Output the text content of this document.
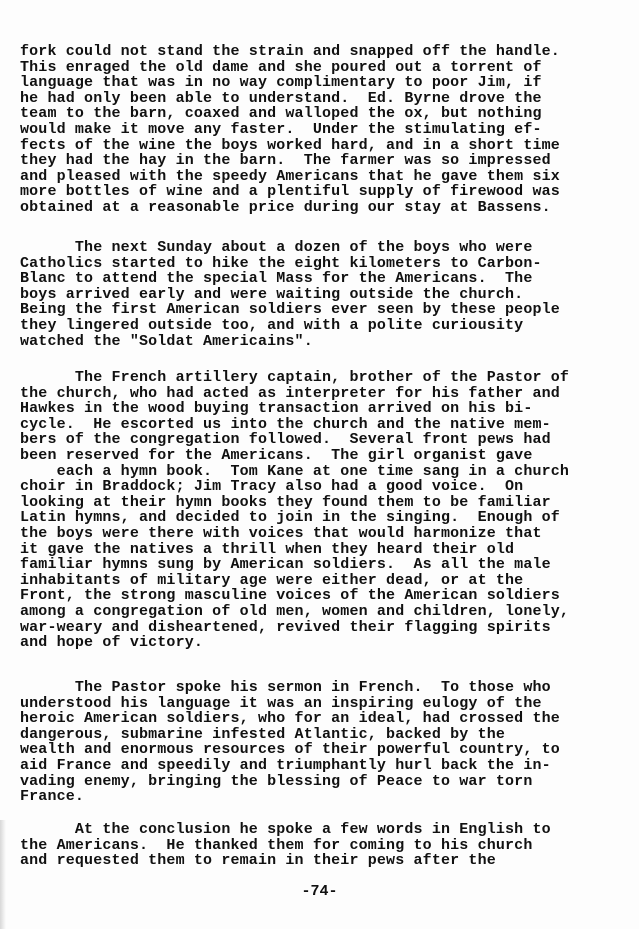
fork could not stand the strain and snapped off the handle.
This enraged the old dame and she poured out a torrent of
language that was in no way complimentary to poor Jim, if
he had only been able to understand.  Ed. Byrne drove the
team to the barn, coaxed and walloped the ox, but nothing
would make it move any faster.  Under the stimulating ef-
fects of the wine the boys worked hard, and in a short time
they had the hay in the barn.  The farmer was so impressed
and pleased with the speedy Americans that he gave them six
more bottles of wine and a plentiful supply of firewood was
obtained at a reasonable price during our stay at Bassens.
The next Sunday about a dozen of the boys who were
Catholics started to hike the eight kilometers to Carbon-
Blanc to attend the special Mass for the Americans.  The
boys arrived early and were waiting outside the church.
Being the first American soldiers ever seen by these people
they lingered outside too, and with a polite curiousity
watched the "Soldat Americains".
The French artillery captain, brother of the Pastor of
the church, who had acted as interpreter for his father and
Hawkes in the wood buying transaction arrived on his bi-
cycle.  He escorted us into the church and the native mem-
bers of the congregation followed.  Several front pews had
been reserved for the Americans.  The girl organist gave
each a hymn book.  Tom Kane at one time sang in a church
choir in Braddock; Jim Tracy also had a good voice.  On
looking at their hymn books they found them to be familiar
Latin hymns, and decided to join in the singing.  Enough of
the boys were there with voices that would harmonize that
it gave the natives a thrill when they heard their old
familiar hymns sung by American soldiers.  As all the male
inhabitants of military age were either dead, or at the
Front, the strong masculine voices of the American soldiers
among a congregation of old men, women and children, lonely,
war-weary and disheartened, revived their flagging spirits
and hope of victory.
The Pastor spoke his sermon in French.  To those who
understood his language it was an inspiring eulogy of the
heroic American soldiers, who for an ideal, had crossed the
dangerous, submarine infested Atlantic, backed by the
wealth and enormous resources of their powerful country, to
aid France and speedily and triumphantly hurl back the in-
vading enemy, bringing the blessing of Peace to war torn
France.
At the conclusion he spoke a few words in English to
the Americans.  He thanked them for coming to his church
and requested them to remain in their pews after the
-74-
